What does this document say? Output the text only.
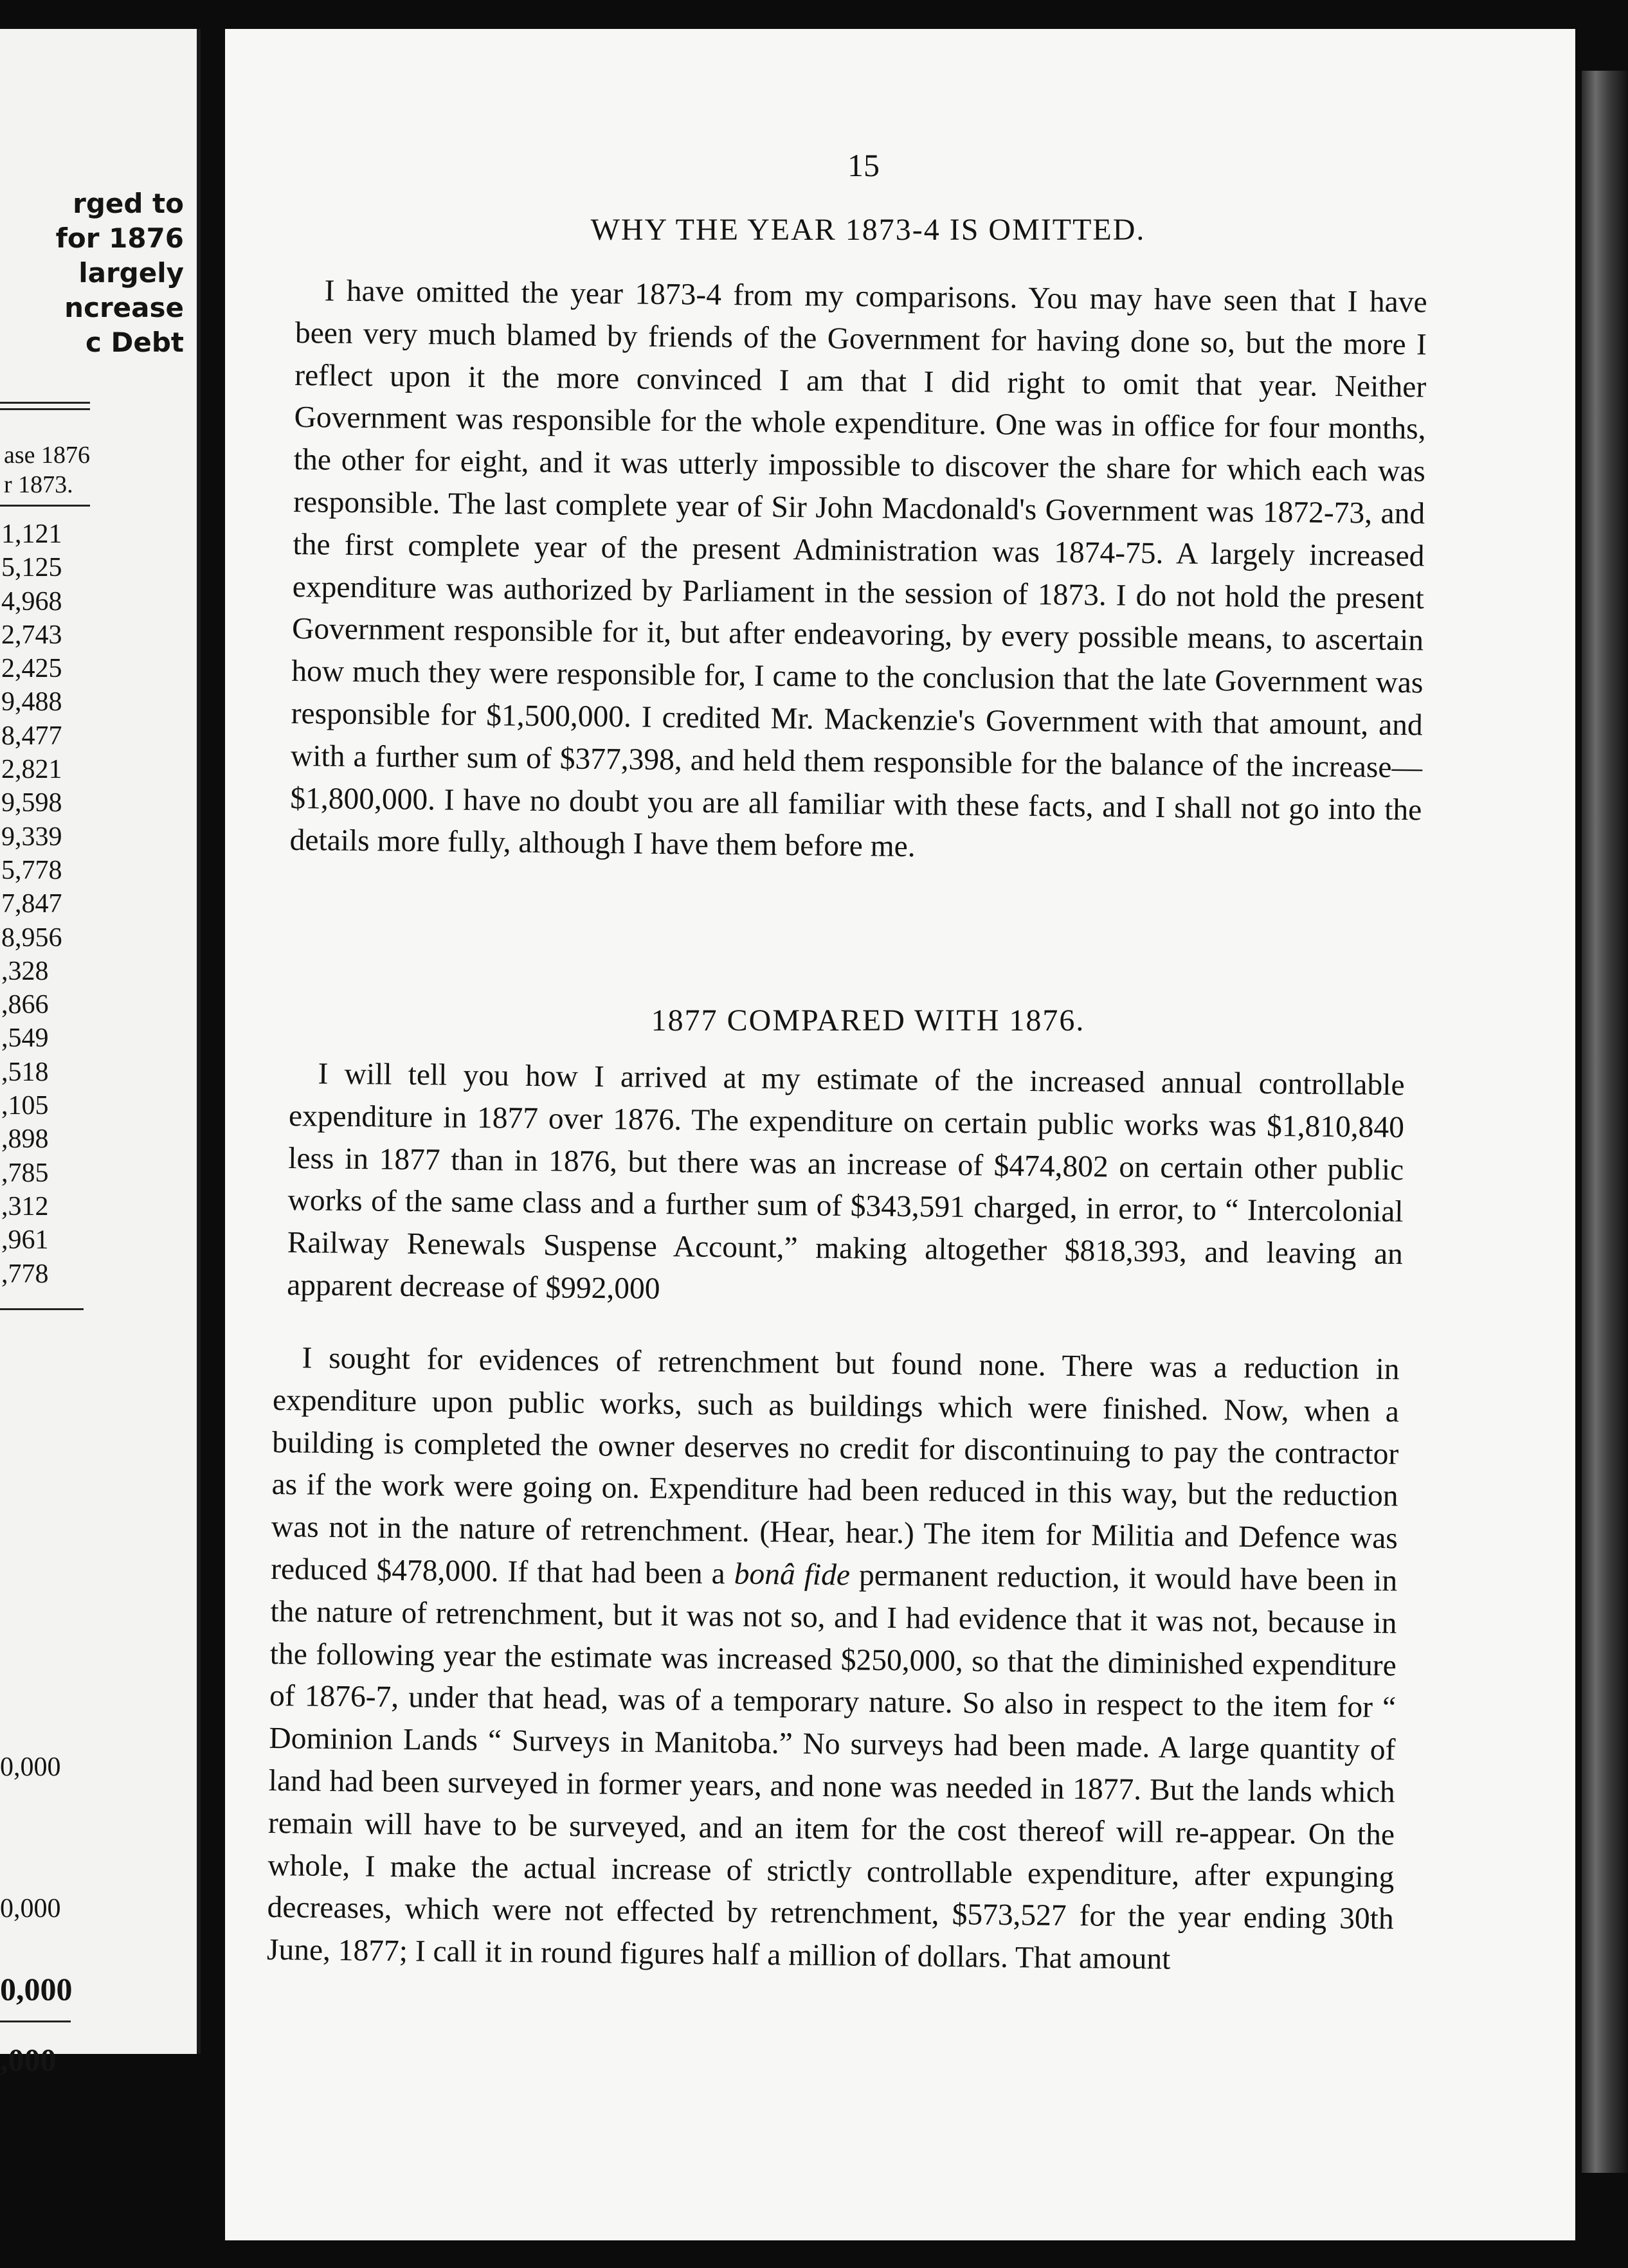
rged to
for 1876
largely
ncrease
c Debt
ase 1876
r 1873.
1,121
5,125
4,968
2,743
2,425
9,488
8,477
2,821
9,598
9,339
5,778
7,847
8,956
,328
,866
,549
,518
,105
,898
,785
,312
,961
,778
0,000
0,000
0,000
,000
15
WHY THE YEAR 1873-4 IS OMITTED.

I have omitted the year 1873-4 from my comparisons. You may have seen that I have been very much blamed by friends of the Government for having done so, but the more I reflect upon it the more convinced I am that I did right to omit that year. Neither Government was responsible for the whole expenditure. One was in office for four months, the other for eight, and it was utterly impossible to discover the share for which each was responsible. The last complete year of Sir John Macdonald's Government was 1872-73, and the first complete year of the present Administration was 1874-75. A largely increased expenditure was authorized by Parliament in the session of 1873. I do not hold the present Government responsible for it, but after endeavoring, by every possible means, to ascertain how much they were responsible for, I came to the conclusion that the late Government was responsible for $1,500,000. I credited Mr. Mackenzie's Government with that amount, and with a further sum of $377,398, and held them responsible for the balance of the increase—$1,800,000. I have no doubt you are all familiar with these facts, and I shall not go into the details more fully, although I have them before me.

1877 COMPARED WITH 1876.

I will tell you how I arrived at my estimate of the increased annual controllable expenditure in 1877 over 1876. The expenditure on certain public works was $1,810,840 less in 1877 than in 1876, but there was an increase of $474,802 on certain other public works of the same class and a further sum of $343,591 charged, in error, to “ Intercolonial Railway Renewals Suspense Account,” making altogether $818,393, and leaving an apparent decrease of $992,000

I sought for evidences of retrenchment but found none. There was a reduction in expenditure upon public works, such as buildings which were finished. Now, when a building is completed the owner deserves no credit for discontinuing to pay the contractor as if the work were going on. Expenditure had been reduced in this way, but the reduction was not in the nature of retrenchment. (Hear, hear.) The item for Militia and Defence was reduced $478,000. If that had been a bonâ fide permanent reduction, it would have been in the nature of retrenchment, but it was not so, and I had evidence that it was not, because in the following year the estimate was increased $250,000, so that the diminished expenditure of 1876-7, under that head, was of a temporary nature. So also in respect to the item for “ Dominion Lands “ Surveys in Manitoba.” No surveys had been made. A large quantity of land had been surveyed in former years, and none was needed in 1877. But the lands which remain will have to be surveyed, and an item for the cost thereof will re-appear. On the whole, I make the actual increase of strictly controllable expenditure, after expunging decreases, which were not effected by retrenchment, $573,527 for the year ending 30th June, 1877; I call it in round figures half a million of dollars. That amount
